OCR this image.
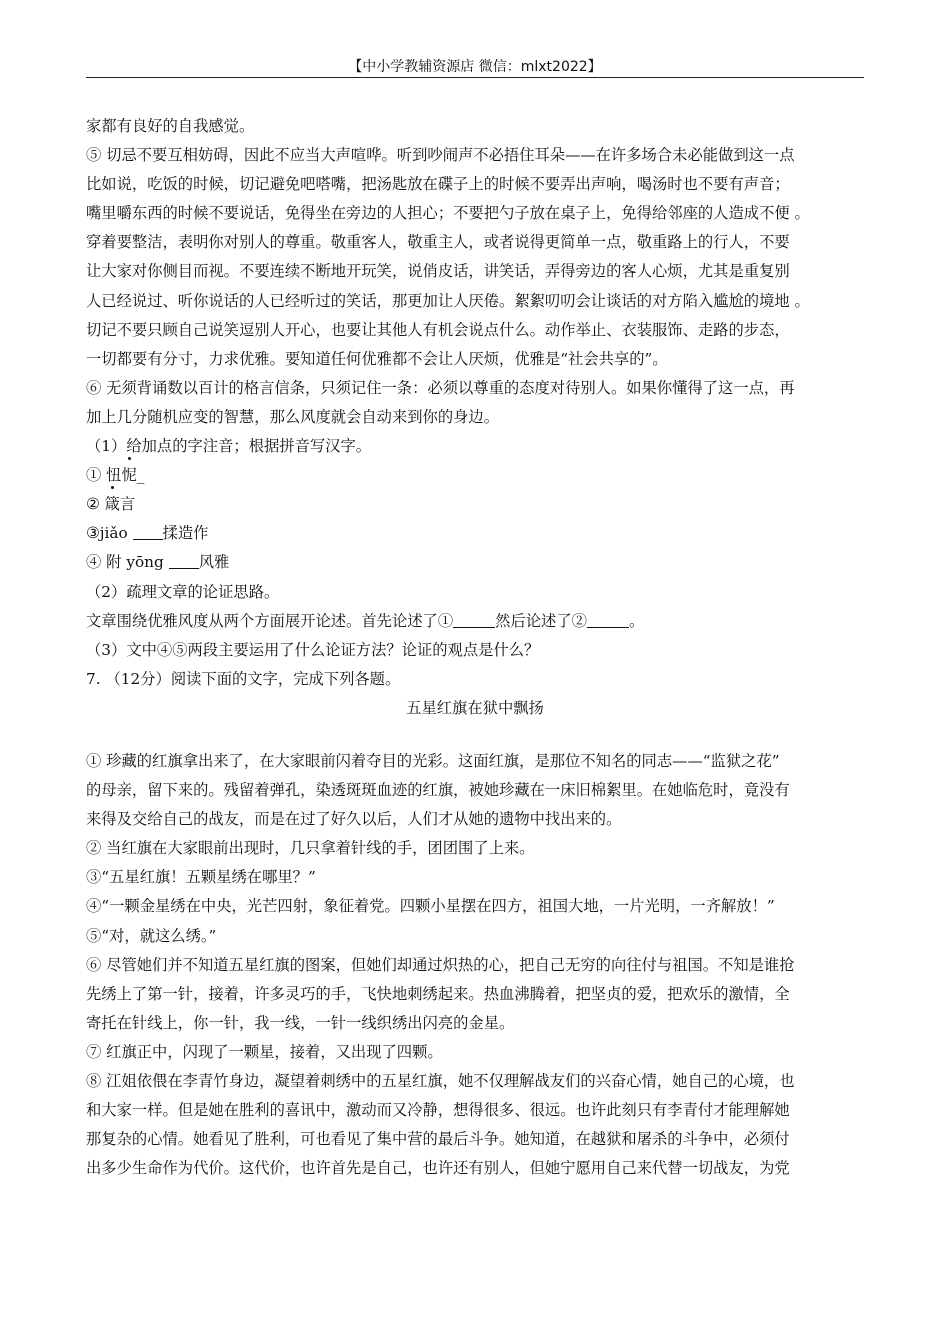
【中小学教辅资源店 微信：mlxt2022】
家都有良好的自我感觉。
⑤ 切忌不要互相妨碍，因此不应当大声喧哗。听到吵闹声不必捂住耳朵——在许多场合未必能做到这一点
比如说，吃饭的时候，切记避免吧嗒嘴，把汤匙放在碟子上的时候不要弄出声响，喝汤时也不要有声音；
嘴里嚼东西的时候不要说话，免得坐在旁边的人担心；不要把勺子放在桌子上，免得给邻座的人造成不便 。
穿着要整洁，表明你对别人的尊重。敬重客人，敬重主人，或者说得更简单一点，敬重路上的行人，不要
让大家对你侧目而视。不要连续不断地开玩笑，说俏皮话，讲笑话，弄得旁边的客人心烦，尤其是重复别
人已经说过、听你说话的人已经听过的笑话，那更加让人厌倦。絮絮叨叨会让谈话的对方陷入尴尬的境地 。
切记不要只顾自己说笑逗别人开心，也要让其他人有机会说点什么。动作举止、衣装服饰、走路的步态，
一切都要有分寸，力求优雅。要知道任何优雅都不会让人厌烦，优雅是“社会共享的”。
⑥ 无须背诵数以百计的格言信条，只须记住一条：必须以尊重的态度对待别人。如果你懂得了这一点，再
加上几分随机应变的智慧，那么风度就会自动来到你的身边。
（1）给加点的字注音；根据拼音写汉字。
① 忸怩_
② 箴言
③jiǎo 揉造作
④ 附 yōng 风雅
（2）疏理文章的论证思路。
文章围绕优雅风度从两个方面展开论述。首先论述了①	然后论述了②	。
（3）文中④⑤两段主要运用了什么论证方法？论证的观点是什么？
7. （12分）阅读下面的文字，完成下列各题。
五星红旗在狱中飘扬
① 珍藏的红旗拿出来了，在大家眼前闪着夺目的光彩。这面红旗，是那位不知名的同志——“监狱之花”
的母亲，留下来的。残留着弹孔，染透斑斑血迹的红旗，被她珍藏在一床旧棉絮里。在她临危时，竟没有
来得及交给自己的战友，而是在过了好久以后，人们才从她的遗物中找出来的。
② 当红旗在大家眼前出现时，几只拿着针线的手，团团围了上来。
③“五星红旗！五颗星绣在哪里？”
④“一颗金星绣在中央，光芒四射，象征着党。四颗小星摆在四方，祖国大地，一片光明，一齐解放！”
⑤“对，就这么绣。”
⑥ 尽管她们并不知道五星红旗的图案，但她们却通过炽热的心，把自己无穷的向往付与祖国。不知是谁抢
先绣上了第一针，接着，许多灵巧的手，飞快地刺绣起来。热血沸腾着，把坚贞的爱，把欢乐的激情，全
寄托在针线上，你一针，我一线，一针一线织绣出闪亮的金星。
⑦ 红旗正中，闪现了一颗星，接着，又出现了四颗。
⑧ 江姐依偎在李青竹身边，凝望着刺绣中的五星红旗，她不仅理解战友们的兴奋心情，她自己的心境，也
和大家一样。但是她在胜利的喜讯中，激动而又冷静，想得很多、很远。也许此刻只有李青付才能理解她
那复杂的心情。她看见了胜利，可也看见了集中营的最后斗争。她知道，在越狱和屠杀的斗争中，必须付
出多少生命作为代价。这代价，也许首先是自己，也许还有别人，但她宁愿用自己来代替一切战友，为党
